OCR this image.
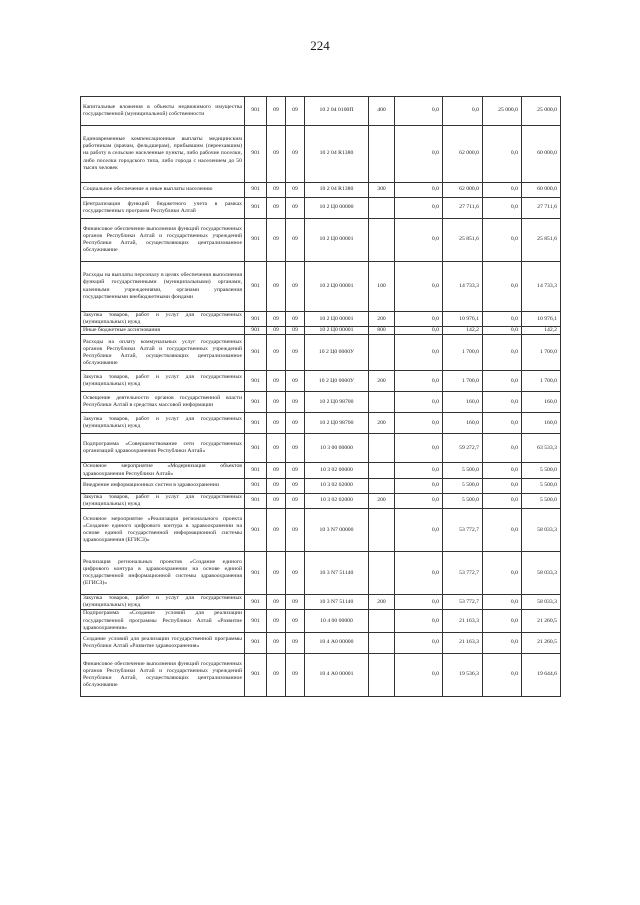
224
Капитальные вложения в объекты недвижимого имущества государственной (муниципальной) собственности	901	09	09	10 2 04 0100П	400	0,0	0,0	25 000,0	25 000,0
Единовременные компенсационные выплаты медицинским работникам (врачам, фельдшерам), прибывшим (переехавшим) на работу в сельские населенные пункты, либо рабочие поселки, либо поселки городского типа, либо города с населением до 50 тысяч человек	901	09	09	10 2 04 R1380		0,0	62 000,0	0,0	60 000,0
Социальное обеспечение и иные выплаты населению	901	09	09	10 2 04 R1380	300	0,0	62 000,0	0,0	60 000,0
Централизация функций бюджетного учета в рамках государственных программ Республики Алтай	901	09	09	10 2 Ц0 00000		0,0	27 711,6	0,0	27 711,6
Финансовое обеспечение выполнения функций государственных органов Республики Алтай и государственных учреждений Республики Алтай, осуществляющих централизованное обслуживание	901	09	09	10 2 Ц0 00001		0,0	25 851,6	0,0	25 851,6
Расходы на выплаты персоналу в целях обеспечения выполнения функций государственными (муниципальными) органами, казенными учреждениями, органами управления государственными внебюджетными фондами	901	09	09	10 2 Ц0 00001	100	0,0	14 733,3	0,0	14 733,3
Закупка товаров, работ и услуг для государственных (муниципальных) нужд	901	09	09	10 2 Ц0 00001	200	0,0	10 976,1	0,0	10 976,1
Иные бюджетные ассигнования	901	09	09	10 2 Ц0 00001	800	0,0	142,2	0,0	142,2
Расходы на оплату коммунальных услуг государственных органов Республики Алтай и государственных учреждений Республики Алтай, осуществляющих централизованное обслуживание	901	09	09	10 2 Ц0 0000У		0,0	1 700,0	0,0	1 700,0
Закупка товаров, работ и услуг для государственных (муниципальных) нужд	901	09	09	10 2 Ц0 0000У	200	0,0	1 700,0	0,0	1 700,0
Освещение деятельности органов государственной власти Республики Алтай в средствах массовой информации	901	09	09	10 2 Ц0 98700		0,0	160,0	0,0	160,0
Закупка товаров, работ и услуг для государственных (муниципальных) нужд	901	09	09	10 2 Ц0 98700	200	0,0	160,0	0,0	160,0
Подпрограмма «Совершенствование сети государственных организаций здравоохранения Республики Алтай»	901	09	09	10 3 00 00000		0,0	59 272,7	0,0	63 533,3
Основное мероприятие «Модернизация объектов здравоохранения Республики Алтай»	901	09	09	10 3 02 00000		0,0	5 500,0	0,0	5 500,0
Внедрение информационных систем в здравоохранении	901	09	09	10 3 02 02000		0,0	5 500,0	0,0	5 500,0
Закупка товаров, работ и услуг для государственных (муниципальных) нужд	901	09	09	10 3 02 02000	200	0,0	5 500,0	0,0	5 500,0
Основное мероприятие «Реализация регионального проекта «Создание единого цифрового контура в здравоохранении на основе единой государственной информационной системы здравоохранения (ЕГИСЗ)»	901	09	09	10 3 N7 00000		0,0	53 772,7	0,0	58 033,3
Реализация региональных проектов «Создание единого цифрового контура в здравоохранении на основе единой государственной информационной системы здравоохранения (ЕГИСЗ)»	901	09	09	10 3 N7 51140		0,0	53 772,7	0,0	58 033,3
Закупка товаров, работ и услуг для государственных (муниципальных) нужд	901	09	09	10 3 N7 51140	200	0,0	53 772,7	0,0	58 033,3
Подпрограмма «Создание условий для реализации государственной программы Республики Алтай «Развитие здравоохранения»	901	09	09	10 4 00 00000		0,0	21 163,3	0,0	21 260,5
Создание условий для реализации государственной программы Республики Алтай «Развитие здравоохранения»	901	09	09	10 4 А0 00000		0,0	21 163,3	0,0	21 260,5
Финансовое обеспечение выполнения функций государственных органов Республики Алтай и государственных учреждений Республики Алтай, осуществляющих централизованное обслуживание	901	09	09	10 4 А0 00001		0,0	19 536,3	0,0	19 644,6
